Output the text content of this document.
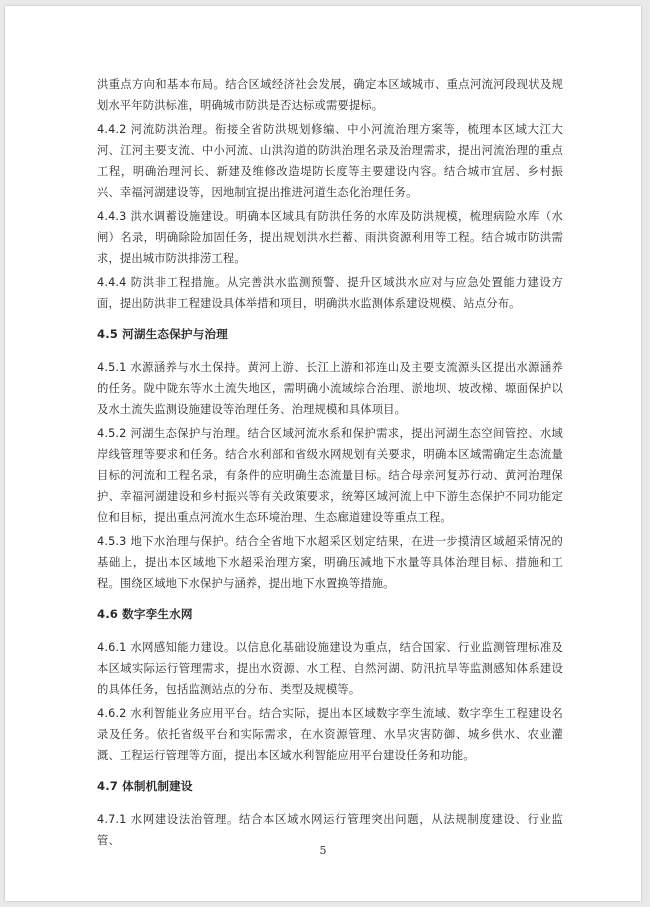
洪重点方向和基本布局。结合区域经济社会发展，确定本区域城市、重点河流河段现状及规划水平年防洪标准，明确城市防洪是否达标或需要提标。
4.4.2 河流防洪治理。衔接全省防洪规划修编、中小河流治理方案等，梳理本区域大江大河、江河主要支流、中小河流、山洪沟道的防洪治理名录及治理需求，提出河流治理的重点工程，明确治理河长、新建及维修改造堤防长度等主要建设内容。结合城市宜居、乡村振兴、幸福河湖建设等，因地制宜提出推进河道生态化治理任务。
4.4.3 洪水调蓄设施建设。明确本区域具有防洪任务的水库及防洪规模，梳理病险水库（水闸）名录，明确除险加固任务，提出规划洪水拦蓄、雨洪资源利用等工程。结合城市防洪需求，提出城市防洪排涝工程。
4.4.4 防洪非工程措施。从完善洪水监测预警、提升区域洪水应对与应急处置能力建设方面，提出防洪非工程建设具体举措和项目，明确洪水监测体系建设规模、站点分布。
4.5 河湖生态保护与治理
4.5.1 水源涵养与水土保持。黄河上游、长江上游和祁连山及主要支流源头区提出水源涵养的任务。陇中陇东等水土流失地区，需明确小流域综合治理、淤地坝、坡改梯、塬面保护以及水土流失监测设施建设等治理任务、治理规模和具体项目。
4.5.2 河湖生态保护与治理。结合区域河流水系和保护需求，提出河湖生态空间管控、水域岸线管理等要求和任务。结合水利部和省级水网规划有关要求，明确本区域需确定生态流量目标的河流和工程名录，有条件的应明确生态流量目标。结合母亲河复苏行动、黄河治理保护、幸福河湖建设和乡村振兴等有关政策要求，统筹区域河流上中下游生态保护不同功能定位和目标，提出重点河流水生态环境治理、生态廊道建设等重点工程。
4.5.3 地下水治理与保护。结合全省地下水超采区划定结果，在进一步摸清区域超采情况的基础上，提出本区域地下水超采治理方案，明确压减地下水量等具体治理目标、措施和工程。围绕区域地下水保护与涵养，提出地下水置换等措施。
4.6 数字孪生水网
4.6.1 水网感知能力建设。以信息化基础设施建设为重点，结合国家、行业监测管理标准及本区域实际运行管理需求，提出水资源、水工程、自然河湖、防汛抗旱等监测感知体系建设的具体任务，包括监测站点的分布、类型及规模等。
4.6.2 水利智能业务应用平台。结合实际，提出本区域数字孪生流域、数字孪生工程建设名录及任务。依托省级平台和实际需求，在水资源管理、水旱灾害防御、城乡供水、农业灌溉、工程运行管理等方面，提出本区域水利智能应用平台建设任务和功能。
4.7 体制机制建设
4.7.1 水网建设法治管理。结合本区域水网运行管理突出问题，从法规制度建设、行业监管、
5
